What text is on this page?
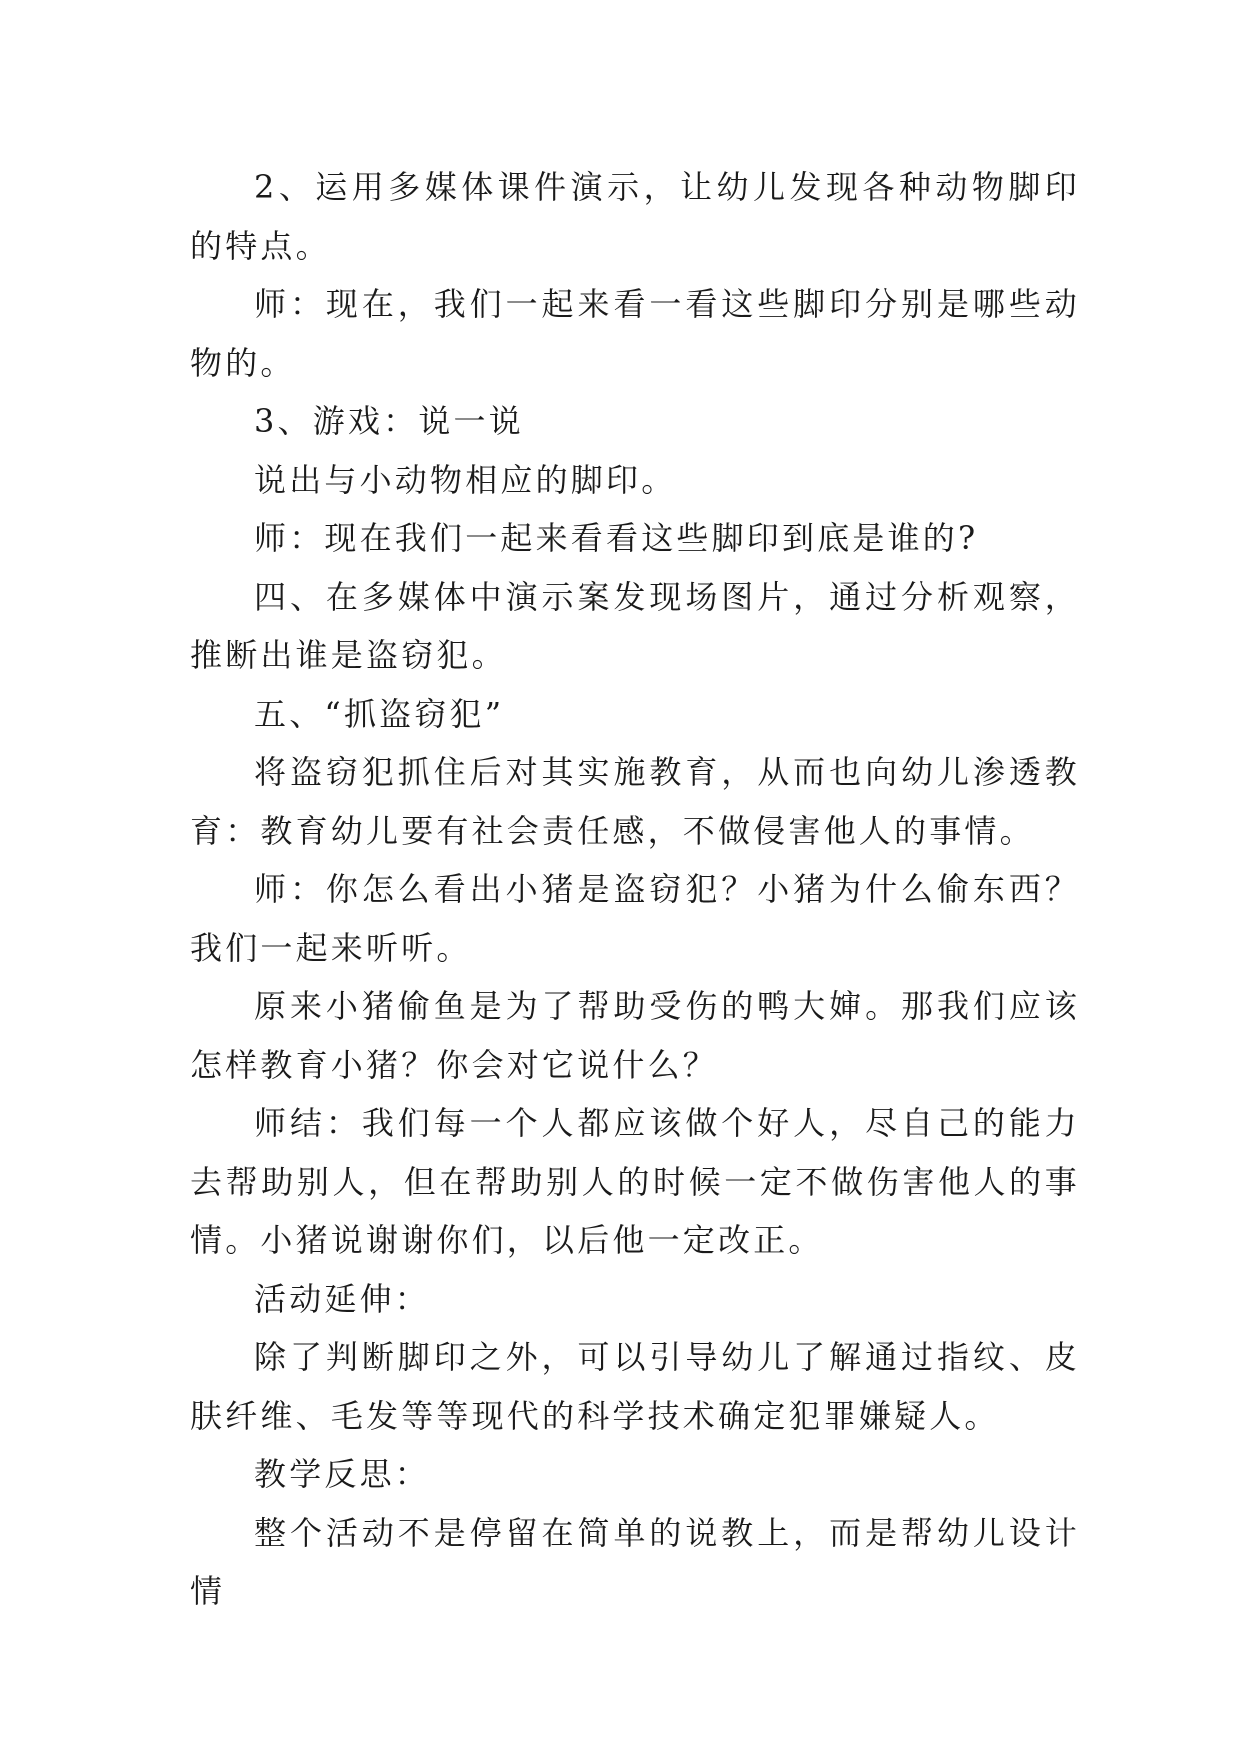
2、运用多媒体课件演示，让幼儿发现各种动物脚印的特点。

师：现在，我们一起来看一看这些脚印分别是哪些动物的。

3、游戏：说一说

说出与小动物相应的脚印。

师：现在我们一起来看看这些脚印到底是谁的?

四、在多媒体中演示案发现场图片，通过分析观察，推断出谁是盗窃犯。

五、“抓盗窃犯”

将盗窃犯抓住后对其实施教育，从而也向幼儿渗透教育：教育幼儿要有社会责任感，不做侵害他人的事情。

师：你怎么看出小猪是盗窃犯？小猪为什么偷东西？我们一起来听听。

原来小猪偷鱼是为了帮助受伤的鸭大婶。那我们应该怎样教育小猪？你会对它说什么？

师结：我们每一个人都应该做个好人，尽自己的能力去帮助别人，但在帮助别人的时候一定不做伤害他人的事情。小猪说谢谢你们，以后他一定改正。

活动延伸：

除了判断脚印之外，可以引导幼儿了解通过指纹、皮肤纤维、毛发等等现代的科学技术确定犯罪嫌疑人。

教学反思：

整个活动不是停留在简单的说教上，而是帮幼儿设计情
